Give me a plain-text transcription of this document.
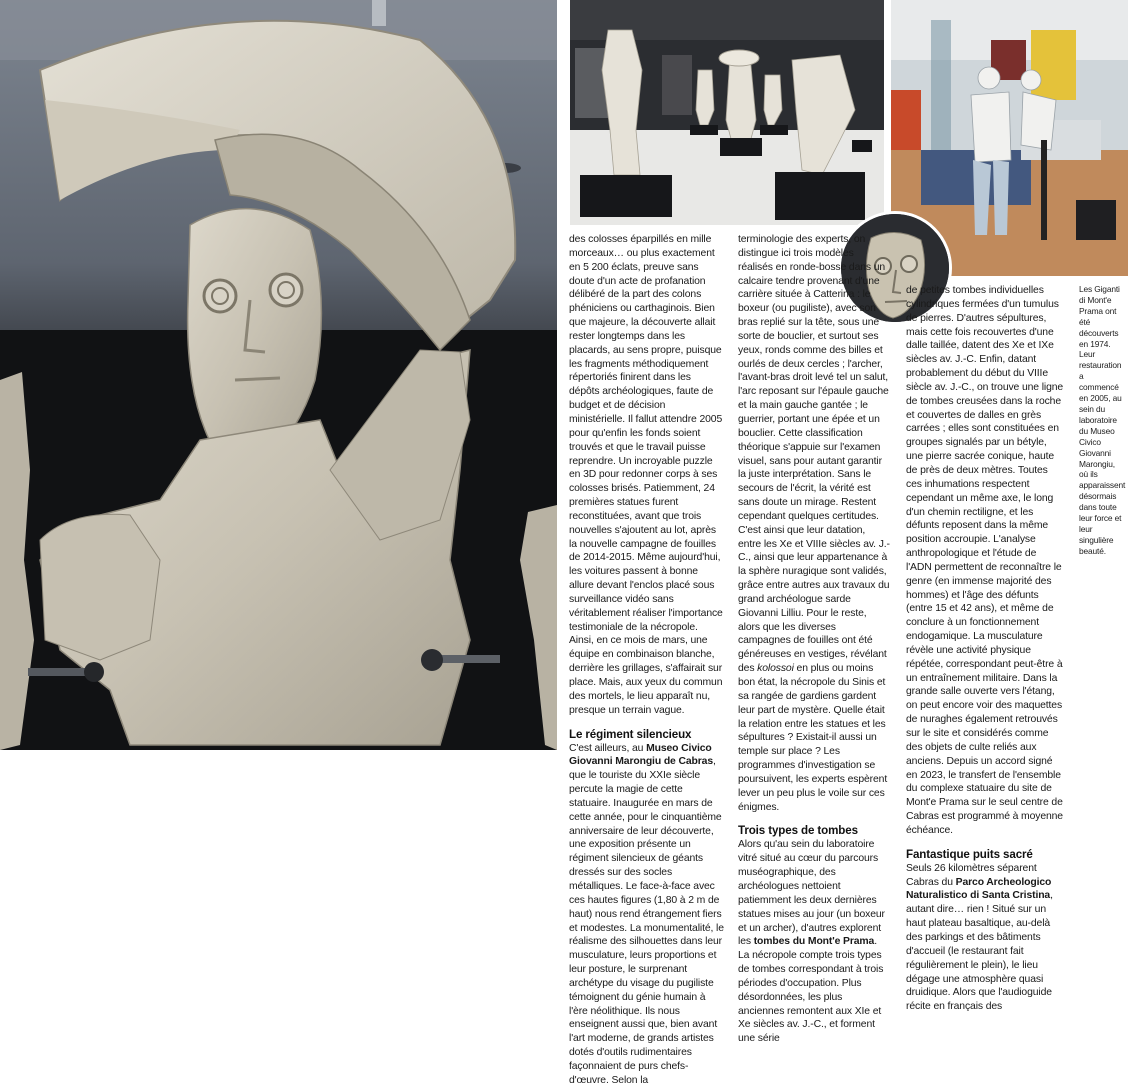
des colosses éparpillés en mille morceaux… ou plus exactement en 5 200 éclats, preuve sans doute d'un acte de profanation délibéré de la part des colons phéniciens ou carthaginois. Bien que majeure, la découverte allait rester longtemps dans les placards, au sens propre, puisque les fragments méthodiquement répertoriés finirent dans les dépôts archéologiques, faute de budget et de décision ministérielle. Il fallut attendre 2005 pour qu'enfin les fonds soient trouvés et que le travail puisse reprendre. Un incroyable puzzle en 3D pour redonner corps à ses colosses brisés. Patiemment, 24 premières statues furent reconstituées, avant que trois nouvelles s'ajoutent au lot, après la nouvelle campagne de fouilles de 2014-2015. Même aujourd'hui, les voitures passent à bonne allure devant l'enclos placé sous surveillance vidéo sans véritablement réaliser l'importance testimoniale de la nécropole. Ainsi, en ce mois de mars, une équipe en combinaison blanche, derrière les grillages, s'affairait sur place. Mais, aux yeux du commun des mortels, le lieu apparaît nu, presque un terrain vague.

Le régiment silencieux

C'est ailleurs, au Museo Civico Giovanni Marongiu de Cabras, que le touriste du XXIe siècle percute la magie de cette statuaire. Inaugurée en mars de cette année, pour le cinquantième anniversaire de leur découverte, une exposition présente un régiment silencieux de géants dressés sur des socles métalliques. Le face-à-face avec ces hautes figures (1,80 à 2 m de haut) nous rend étrangement fiers et modestes. La monumentalité, le réalisme des silhouettes dans leur musculature, leurs proportions et leur posture, le surprenant archétype du visage du pugiliste témoignent du génie humain à l'ère néolithique. Ils nous enseignent aussi que, bien avant l'art moderne, de grands artistes dotés d'outils rudimentaires façonnaient de purs chefs-d'œuvre. Selon la

terminologie des experts, on distingue ici trois modèles réalisés en ronde-bosse dans un calcaire tendre provenant d'une carrière située à Catterina : le boxeur (ou pugiliste), avec son bras replié sur la tête, sous une sorte de bouclier, et surtout ses yeux, ronds comme des billes et ourlés de deux cercles ; l'archer, l'avant-bras droit levé tel un salut, l'arc reposant sur l'épaule gauche et la main gauche gantée ; le guerrier, portant une épée et un bouclier. Cette classification théorique s'appuie sur l'examen visuel, sans pour autant garantir la juste interprétation. Sans le secours de l'écrit, la vérité est sans doute un mirage. Restent cependant quelques certitudes. C'est ainsi que leur datation, entre les Xe et VIIIe siècles av. J.-C., ainsi que leur appartenance à la sphère nuragique sont validés, grâce entre autres aux travaux du grand archéologue sarde Giovanni Lilliu. Pour le reste, alors que les diverses campagnes de fouilles ont été généreuses en vestiges, révélant des kolossoi en plus ou moins bon état, la nécropole du Sinis et sa rangée de gardiens gardent leur part de mystère. Quelle était la relation entre les statues et les sépultures ? Existait-il aussi un temple sur place ? Les programmes d'investigation se poursuivent, les experts espèrent lever un peu plus le voile sur ces énigmes.

Trois types de tombes

Alors qu'au sein du laboratoire vitré situé au cœur du parcours muséographique, des archéologues nettoient patiemment les deux dernières statues mises au jour (un boxeur et un archer), d'autres explorent les tombes du Mont'e Prama. La nécropole compte trois types de tombes correspondant à trois périodes d'occupation. Plus désordonnées, les plus anciennes remontent aux XIe et Xe siècles av. J.-C., et forment une série

de petites tombes individuelles cylindriques fermées d'un tumulus de pierres. D'autres sépultures, mais cette fois recouvertes d'une dalle taillée, datent des Xe et IXe siècles av. J.-C. Enfin, datant probablement du début du VIIIe siècle av. J.-C., on trouve une ligne de tombes creusées dans la roche et couvertes de dalles en grès carrées ; elles sont constituées en groupes signalés par un bétyle, une pierre sacrée conique, haute de près de deux mètres. Toutes ces inhumations respectent cependant un même axe, le long d'un chemin rectiligne, et les défunts reposent dans la même position accroupie. L'analyse anthropologique et l'étude de l'ADN permettent de reconnaître le genre (en immense majorité des hommes) et l'âge des défunts (entre 15 et 42 ans), et même de conclure à un fonctionnement endogamique. La musculature révèle une activité physique répétée, correspondant peut-être à un entraînement militaire. Dans la grande salle ouverte vers l'étang, on peut encore voir des maquettes de nuraghes également retrouvés sur le site et considérés comme des objets de culte reliés aux anciens. Depuis un accord signé en 2023, le transfert de l'ensemble du complexe statuaire du site de Mont'e Prama sur le seul centre de Cabras est programmé à moyenne échéance.

Fantastique puits sacré

Seuls 26 kilomètres séparent Cabras du Parco Archeologico Naturalistico di Santa Cristina, autant dire… rien ! Situé sur un haut plateau basaltique, au-delà des parkings et des bâtiments d'accueil (le restaurant fait régulièrement le plein), le lieu dégage une atmosphère quasi druidique. Alors que l'audioguide récite en français des

Les Giganti di Mont'e Prama ont été découverts en 1974. Leur restauration a commencé en 2005, au sein du laboratoire du Museo Civico Giovanni Marongiu, où ils apparaissent désormais dans toute leur force et leur singulière beauté.
